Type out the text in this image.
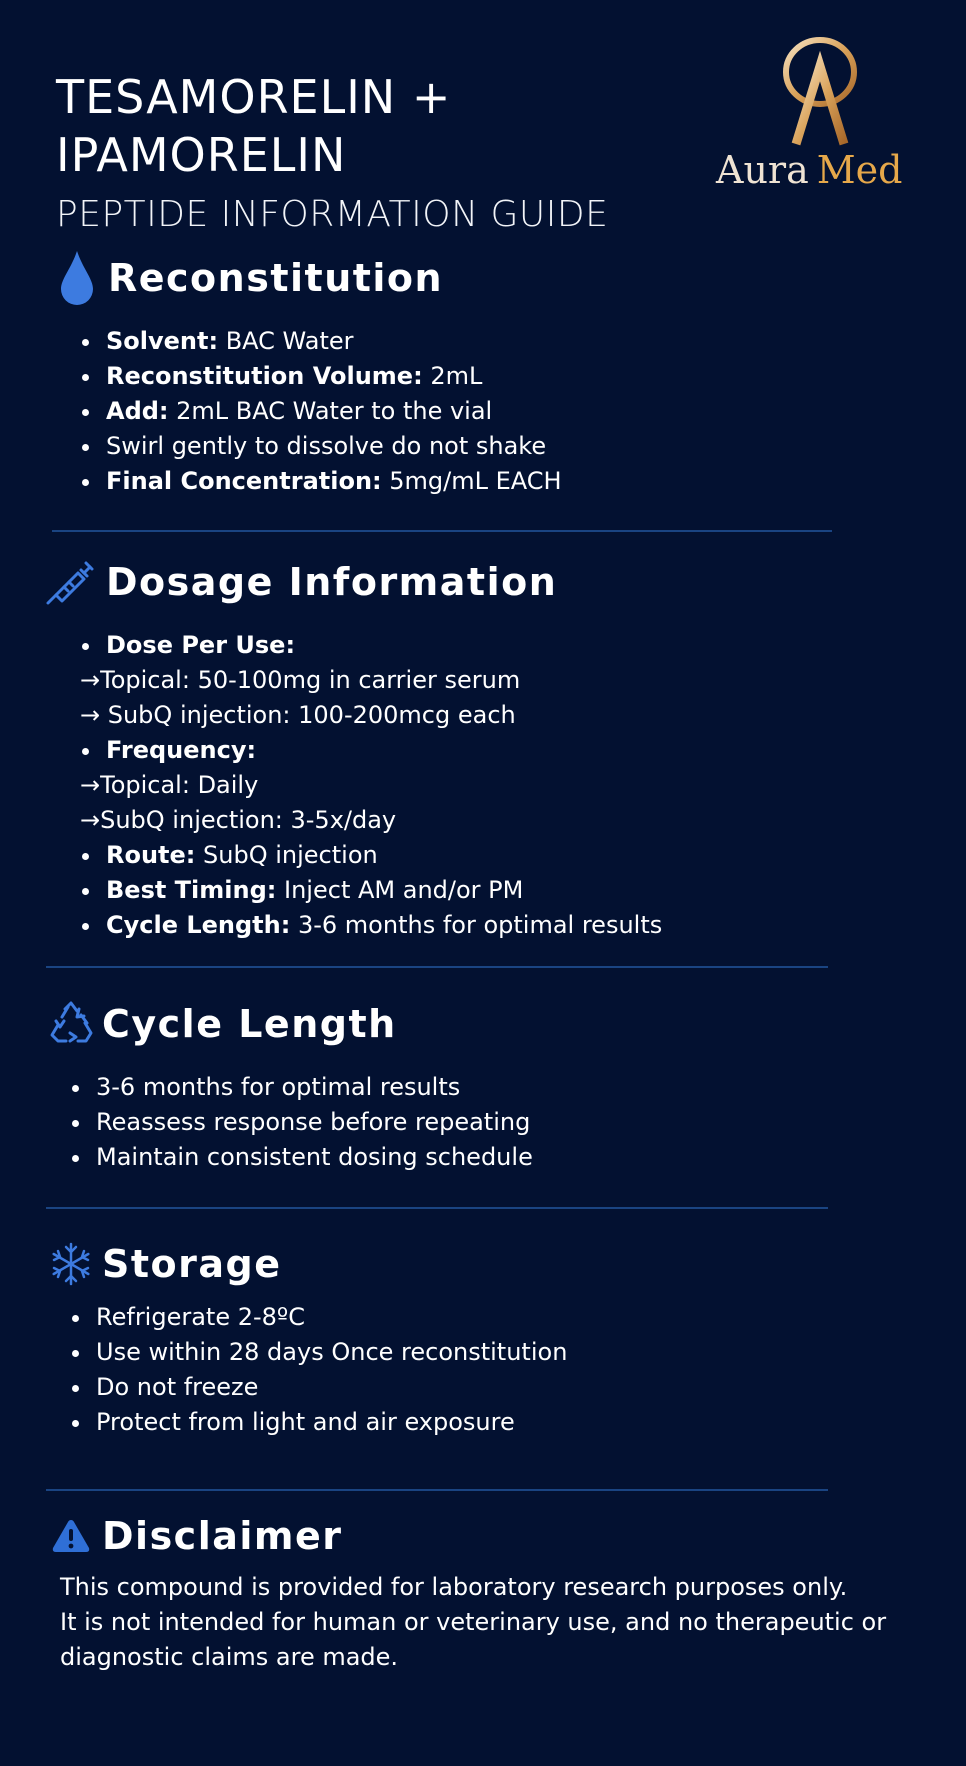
TESAMORELIN +
IPAMORELIN
PEPTIDE INFORMATION GUIDE
Aura Med
Reconstitution
Solvent: BAC Water
Reconstitution Volume: 2mL
Add: 2mL BAC Water to the vial
Swirl gently to dissolve do not shake
Final Concentration: 5mg/mL EACH
Dosage Information
Dose Per Use:
→Topical: 50-100mg in carrier serum
→ SubQ injection: 100-200mcg each
Frequency:
→Topical: Daily
→SubQ injection: 3-5x/day
Route: SubQ injection
Best Timing: Inject AM and/or PM
Cycle Length: 3-6 months for optimal results
Cycle Length
3-6 months for optimal results
Reassess response before repeating
Maintain consistent dosing schedule
Storage
Refrigerate 2-8ºC
Use within 28 days Once reconstitution
Do not freeze
Protect from light and air exposure
Disclaimer

This compound is provided for laboratory research purposes only.
It is not intended for human or veterinary use, and no therapeutic or
diagnostic claims are made.
